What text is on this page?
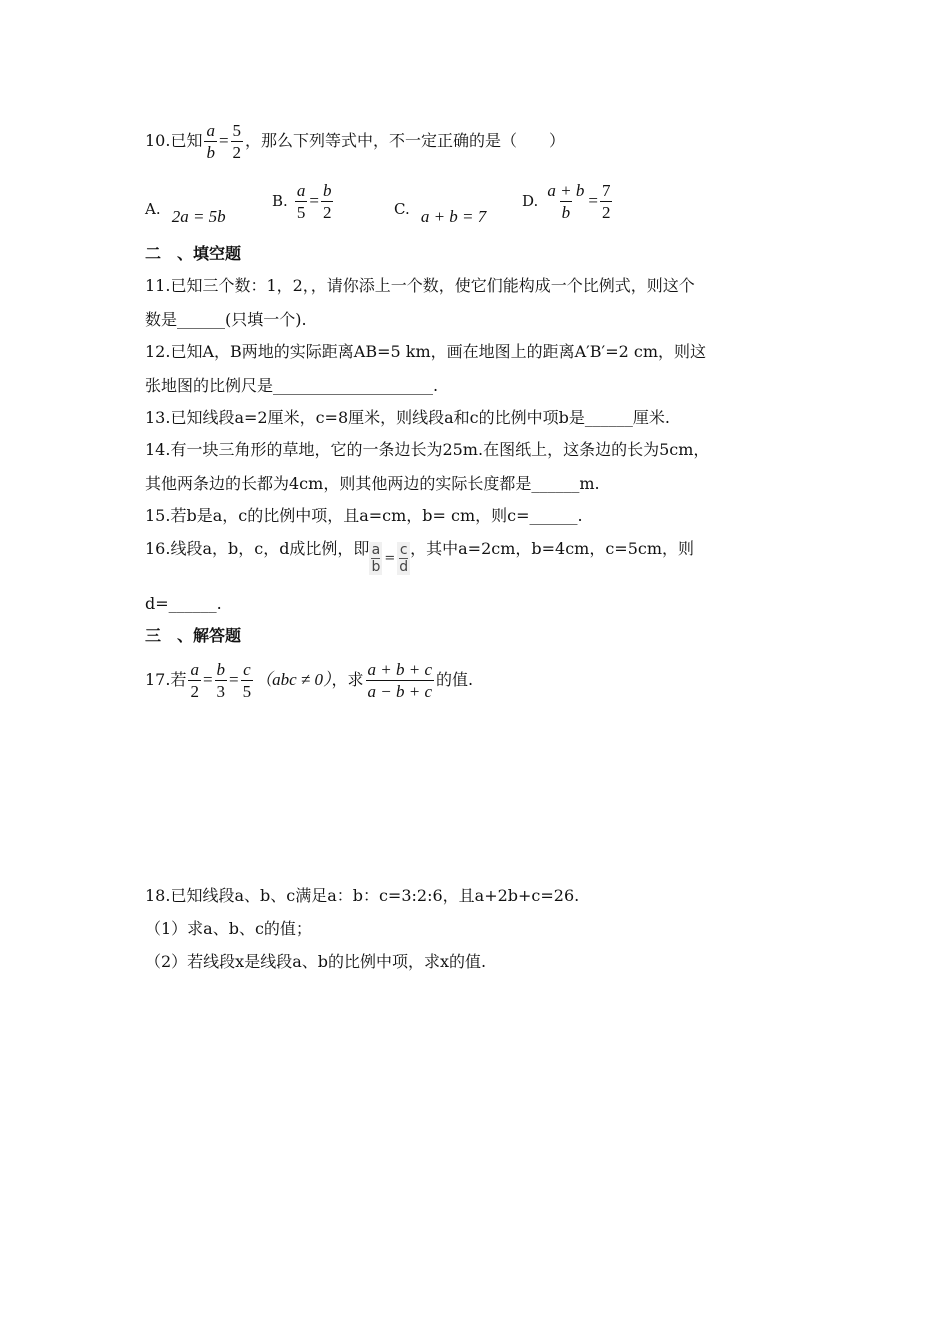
10.已知 $\frac{a}{b} = \frac{5}{2}$ ，那么下列等式中，不一定正确的是（　　）
A. 2a = 5b
B. $\frac{a}{5} = \frac{b}{2}$	C. a + b = 7
D. $\frac{a + b}{b} = \frac{7}{2}$
二　、填空题
11.已知三个数：1，2，，请你添上一个数，使它们能构成一个比例式，则这个
数是______(只填一个).
12.已知A，B两地的实际距离AB=5 km，画在地图上的距离A′B′=2 cm，则这
张地图的比例尺是____________________.
13.已知线段a=2厘米，c=8厘米，则线段a和c的比例中项b是______厘米.
14.有一块三角形的草地，它的一条边长为25m.在图纸上，这条边的长为5cm，
其他两条边的长都为4cm，则其他两边的实际长度都是______m.
15.若b是a，c的比例中项，且a=cm，b= cm，则c=______.
16.线段a，b，c，d成比例，即 $\frac{a}{b} = \frac{c}{d}$ ，其中a=2cm，b=4cm，c=5cm，则
d=______.
三　、解答题
17.若 $\frac{a}{2} = \frac{b}{3} = \frac{c}{5} (abc \ne 0)$，求 $\frac{a + b + c}{a - b + c}$ 的值.
18.已知线段a、b、c满足a：b：c=3:2:6，且a+2b+c=26.
（1）求a、b、c的值；
（2）若线段x是线段a、b的比例中项，求x的值.
